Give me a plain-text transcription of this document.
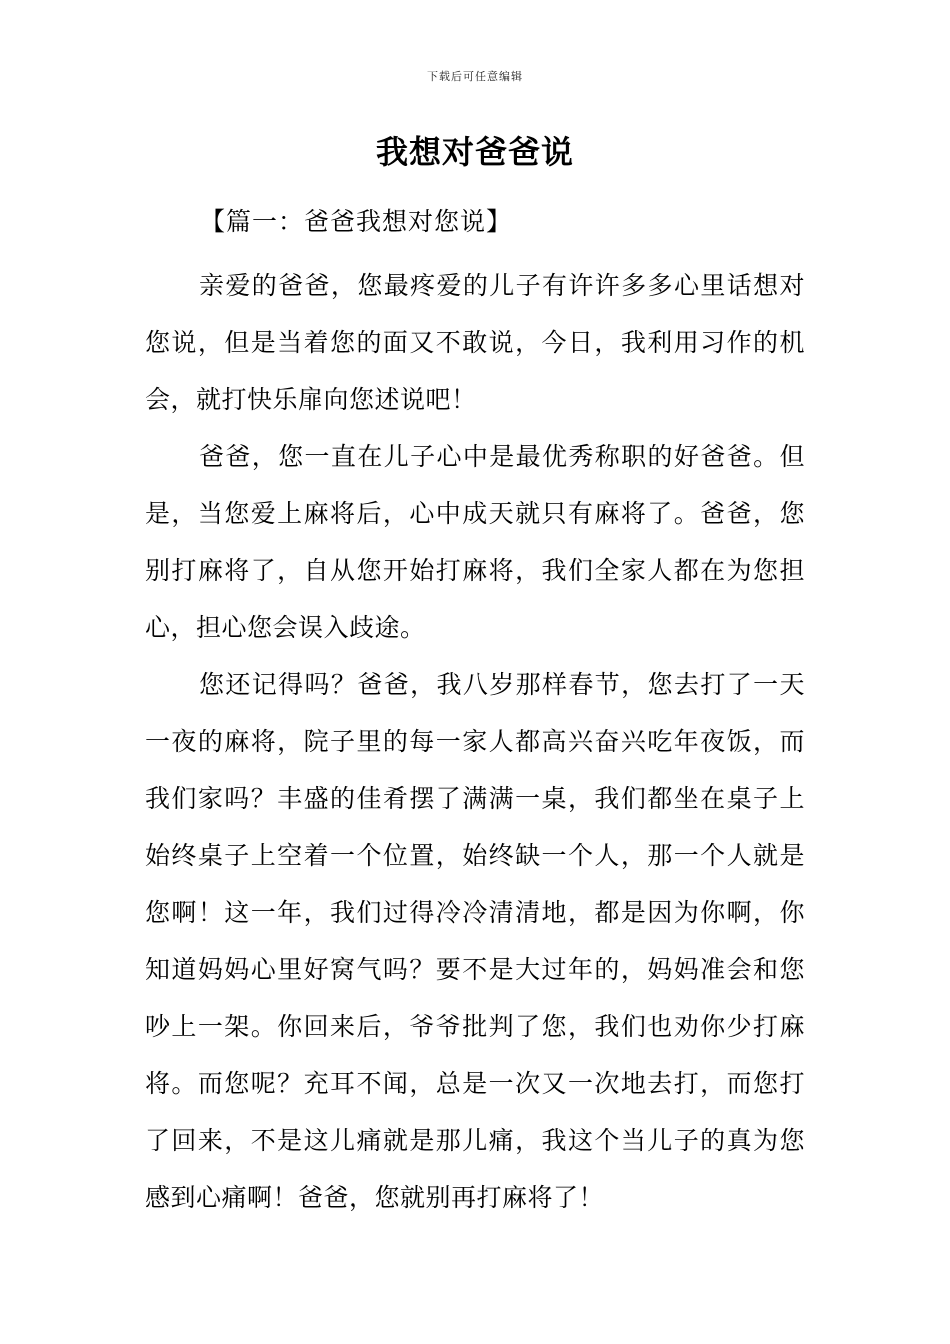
下载后可任意编辑
我想对爸爸说
【篇一：爸爸我想对您说】

亲爱的爸爸，您最疼爱的儿子有许许多多心里话想对
您说，但是当着您的面又不敢说，今日，我利用习作的机
会，就打快乐扉向您述说吧！

爸爸，您一直在儿子心中是最优秀称职的好爸爸。但
是，当您爱上麻将后，心中成天就只有麻将了。爸爸，您
别打麻将了，自从您开始打麻将，我们全家人都在为您担
心，担心您会误入歧途。

您还记得吗？爸爸，我八岁那样春节，您去打了一天
一夜的麻将，院子里的每一家人都高兴奋兴吃年夜饭，而
我们家吗？丰盛的佳肴摆了满满一桌，我们都坐在桌子上
始终桌子上空着一个位置，始终缺一个人，那一个人就是
您啊！这一年，我们过得冷冷清清地，都是因为你啊，你
知道妈妈心里好窝气吗？要不是大过年的，妈妈准会和您
吵上一架。你回来后，爷爷批判了您，我们也劝你少打麻
将。而您呢？充耳不闻，总是一次又一次地去打，而您打
了回来，不是这儿痛就是那儿痛，我这个当儿子的真为您
感到心痛啊！爸爸，您就别再打麻将了！
